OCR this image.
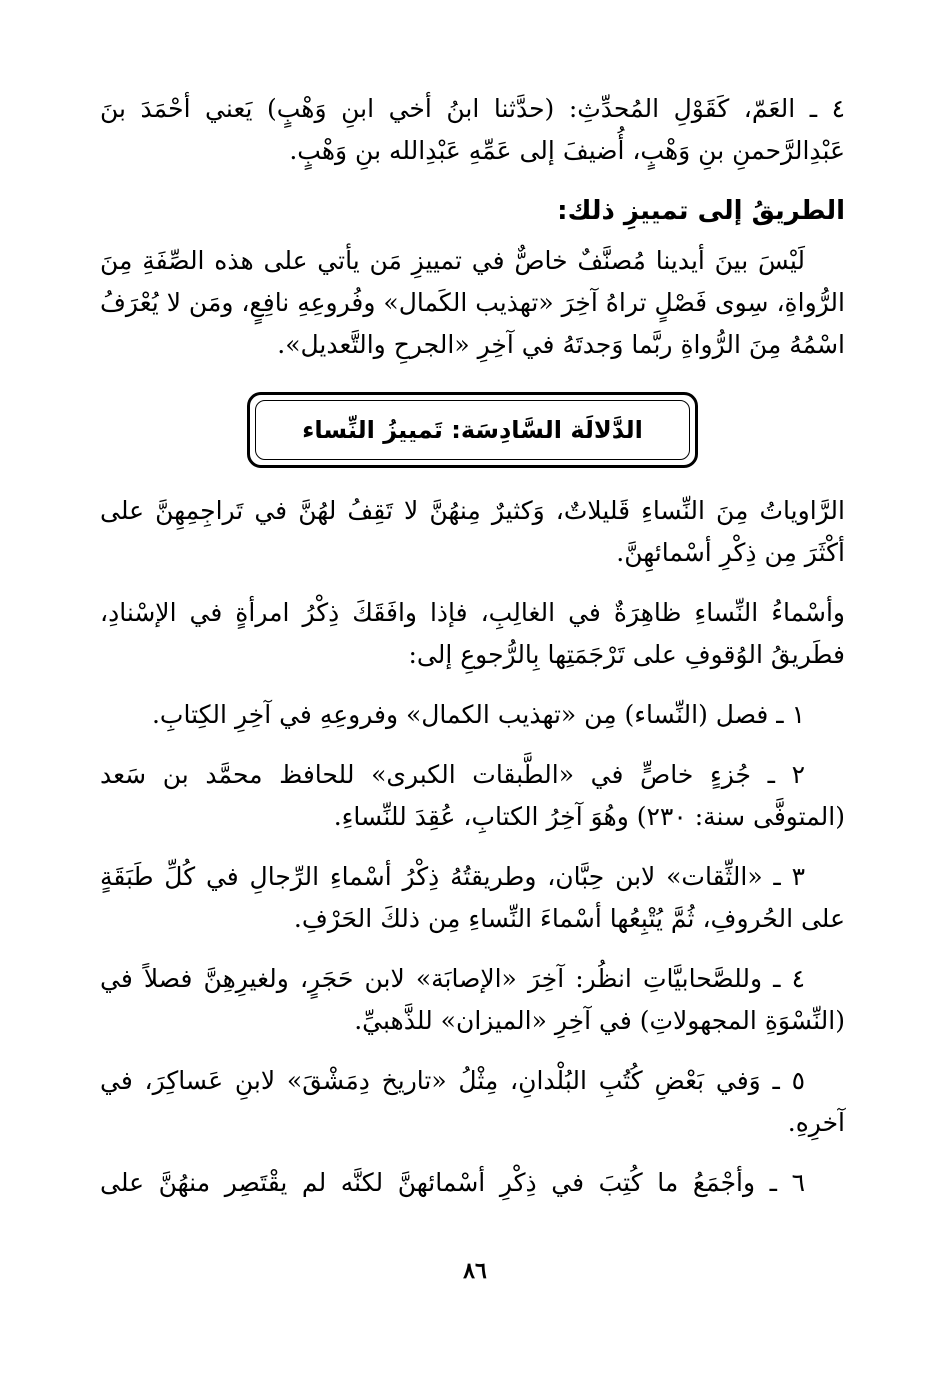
٤ ـ العَمّ، كَقَوْلِ المُحدِّثِ: (حدَّثنا ابنُ أخي ابنِ وَهْبٍ) يَعني أحْمَدَ بنَ عَبْدِالرَّحمنِ بنِ وَهْبٍ، أُضيفَ إلى عَمِّهِ عَبْدِالله بنِ وَهْبٍ.

الطريقُ إلى تمييزِ ذلك:

لَيْسَ بينَ أيدينا مُصنَّفٌ خاصٌّ في تمييزِ مَن يأتي على هذه الصِّفَةِ مِنَ الرُّواةِ، سِوى فَصْلٍ تراهُ آخِرَ «تهذيب الكَمال» وفُروعِهِ نافِعٍ، ومَن لا يُعْرَفُ اسْمُهُ مِنَ الرُّواةِ ربَّما وَجدتَهُ في آخِرِ «الجرحِ والتَّعديل».

الدَّلالَة السَّادِسَة: تَمييزُ النِّساء

الرَّاوياتُ مِنَ النِّساءِ قَليلاتٌ، وَكثيرٌ مِنهُنَّ لا تَقِفُ لهُنَّ في تَراجِمِهِنَّ على أكْثَرَ مِن ذِكْرِ أسْمائهِنَّ.

وأسْماءُ النِّساءِ ظاهِرَةٌ في الغالِبِ، فإذا وافَقَكَ ذِكْرُ امرأةٍ في الإسْنادِ، فطَريقُ الوُقوفِ على تَرْجَمَتِها بِالرُّجوعِ إلى:

١ ـ فصل (النِّساء) مِن «تهذيب الكمال» وفروعِهِ في آخِرِ الكِتابِ.

٢ ـ جُزءٍ خاصٍّ في «الطَّبقات الكبرى» للحافظ محمَّد بن سَعد (المتوفَّى سنة: ٢٣٠) وهُوَ آخِرُ الكتابِ، عُقِدَ للنِّساءِ.

٣ ـ «الثِّقات» لابن حِبَّان، وطريقتُهُ ذِكْرُ أسْماءِ الرِّجالِ في كُلِّ طَبَقَةٍ على الحُروفِ، ثُمَّ يُتْبِعُها أسْماءَ النِّساءِ مِن ذلكَ الحَرْفِ.

٤ ـ وللصَّحابيَّاتِ انظُر: آخِرَ «الإصابَة» لابن حَجَرٍ، ولغيرِهِنَّ فصلاً في (النِّسْوَةِ المجهولاتِ) في آخِرِ «الميزان» للذَّهبيِّ.

٥ ـ وَفي بَعْضِ كُتُبِ البُلْدانِ، مِثْلُ «تاريخ دِمَشْقَ» لابنِ عَساكِرَ، في آخرِهِ.

٦ ـ وأجْمَعُ ما كُتِبَ في ذِكْرِ أسْمائهنَّ لكنَّه لم يقْتَصِر منهُنَّ على

٨٦
